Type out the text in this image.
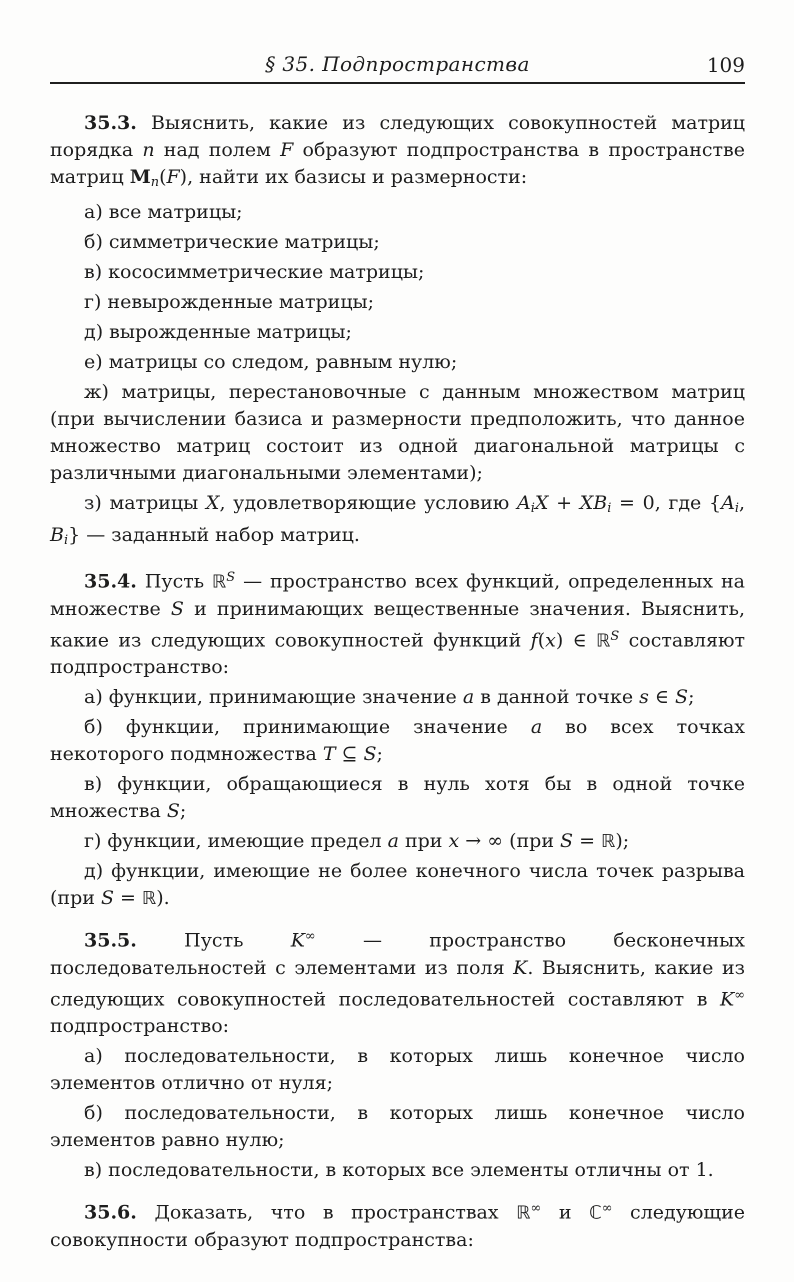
§ 35. Подпространства	109

35.3. Выяснить, какие из следующих совокупностей матриц порядка n над полем F образуют подпространства в пространстве матриц $M_n(F)$, найти их базисы и размерности:

а) все матрицы;

б) симметрические матрицы;

в) кососимметрические матрицы;

г) невырожденные матрицы;

д) вырожденные матрицы;

е) матрицы со следом, равным нулю;

ж) матрицы, перестановочные с данным множеством матриц (при вычислении базиса и размерности предположить, что данное множество матриц состоит из одной диагональной матрицы с различными диагональными элементами);

з) матрицы X, удовлетворяющие условию $A_iX + XB_i = 0$, где {$A_i$, $B_i$} — заданный набор матриц.

35.4. Пусть ℝ$^S$ — пространство всех функций, определенных на множестве S и принимающих вещественные значения. Выяснить, какие из следующих совокупностей функций f(x) ∈ ℝ$^S$ составляют подпространство:

а) функции, принимающие значение a в данной точке s ∈ S;

б) функции, принимающие значение a во всех точках некоторого подмножества T ⊆ S;

в) функции, обращающиеся в нуль хотя бы в одной точке множества S;

г) функции, имеющие предел a при x → ∞ (при S = ℝ);

д) функции, имеющие не более конечного числа точек разрыва (при S = ℝ).

35.5. Пусть K∞ — пространство бесконечных последовательностей с элементами из поля K. Выяснить, какие из следующих совокупностей последовательностей составляют в K∞ подпространство:

а) последовательности, в которых лишь конечное число элементов отлично от нуля;

б) последовательности, в которых лишь конечное число элементов равно нулю;

в) последовательности, в которых все элементы отличны от 1.

35.6. Доказать, что в пространствах ℝ∞ и ℂ∞ следующие совокупности образуют подпространства:
